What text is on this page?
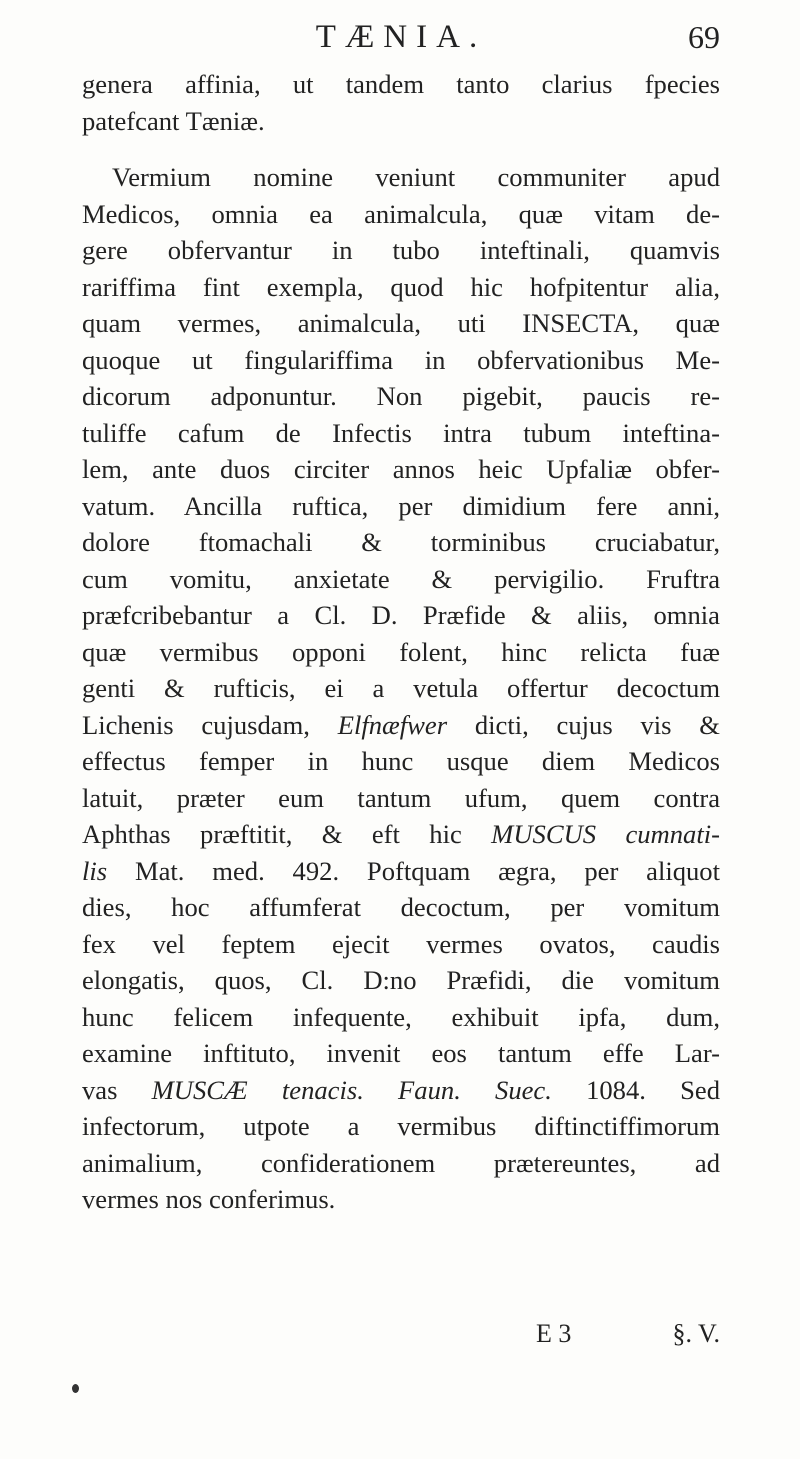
TÆNIA.	69
genera affinia, ut tandem tanto clarius fpecies
patefcant Tæniæ.
Vermium nomine veniunt communiter apud
Medicos, omnia ea animalcula, quæ vitam de-
gere obfervantur in tubo inteftinali, quamvis
rariffima fint exempla, quod hic hofpitentur alia,
quam vermes, animalcula, uti INSECTA, quæ
quoque ut fingulariffima in obfervationibus Me-
dicorum adponuntur. Non pigebit, paucis re-
tuliffe cafum de Infectis intra tubum inteftina-
lem, ante duos circiter annos heic Upfaliæ obfer-
vatum. Ancilla ruftica, per dimidium fere anni,
dolore ftomachali & torminibus cruciabatur,
cum vomitu, anxietate & pervigilio. Fruftra
præfcribebantur a Cl. D. Præfide & aliis, omnia
quæ vermibus opponi folent, hinc relicta fuæ
genti & rufticis, ei a vetula offertur decoctum
Lichenis cujusdam, Elfnæfwer dicti, cujus vis &
effectus femper in hunc usque diem Medicos
latuit, præter eum tantum ufum, quem contra
Aphthas præftitit, & eft hic MUSCUS cumnati-
lis Mat. med. 492. Poftquam ægra, per aliquot
dies, hoc affumferat decoctum, per vomitum
fex vel feptem ejecit vermes ovatos, caudis
elongatis, quos, Cl. D:no Præfidi, die vomitum
hunc felicem infequente, exhibuit ipfa, dum,
examine inftituto, invenit eos tantum effe Lar-
vas MUSCÆ tenacis. Faun. Suec. 1084. Sed
infectorum, utpote a vermibus diftinctiffimorum
animalium, confiderationem prætereuntes, ad
vermes nos conferimus.
E 3	§. V.
